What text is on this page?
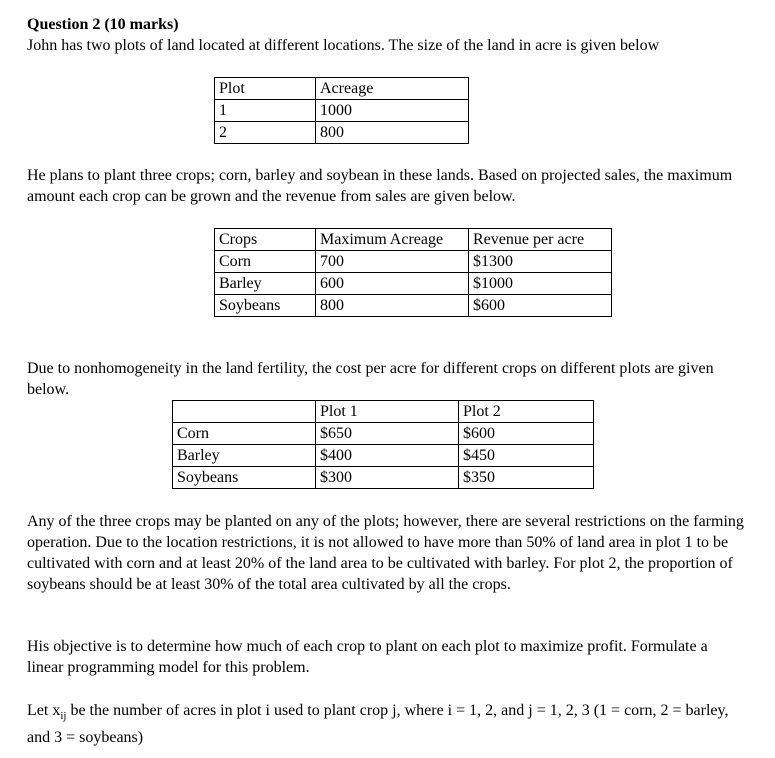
Question 2 (10 marks)
John has two plots of land located at different locations. The size of the land in acre is given below
Plot	Acreage
1	1000
2	800
He plans to plant three crops; corn, barley and soybean in these lands. Based on projected sales, the maximum amount each crop can be grown and the revenue from sales are given below.
Crops	Maximum Acreage	Revenue per acre
Corn	700	$1300
Barley	600	$1000
Soybeans	800	$600
Due to nonhomogeneity in the land fertility, the cost per acre for different crops on different plots are given below.
	Plot 1	Plot 2
Corn	$650	$600
Barley	$400	$450
Soybeans	$300	$350
Any of the three crops may be planted on any of the plots; however, there are several restrictions on the farming operation. Due to the location restrictions, it is not allowed to have more than 50% of land area in plot 1 to be cultivated with corn and at least 20% of the land area to be cultivated with barley. For plot 2, the proportion of soybeans should be at least 30% of the total area cultivated by all the crops.
His objective is to determine how much of each crop to plant on each plot to maximize profit. Formulate a linear programming model for this problem.
Let $x_{ij}$ be the number of acres in plot i used to plant crop j, where i = 1, 2, and j = 1, 2, 3 (1 = corn, 2 = barley, and 3 = soybeans)
